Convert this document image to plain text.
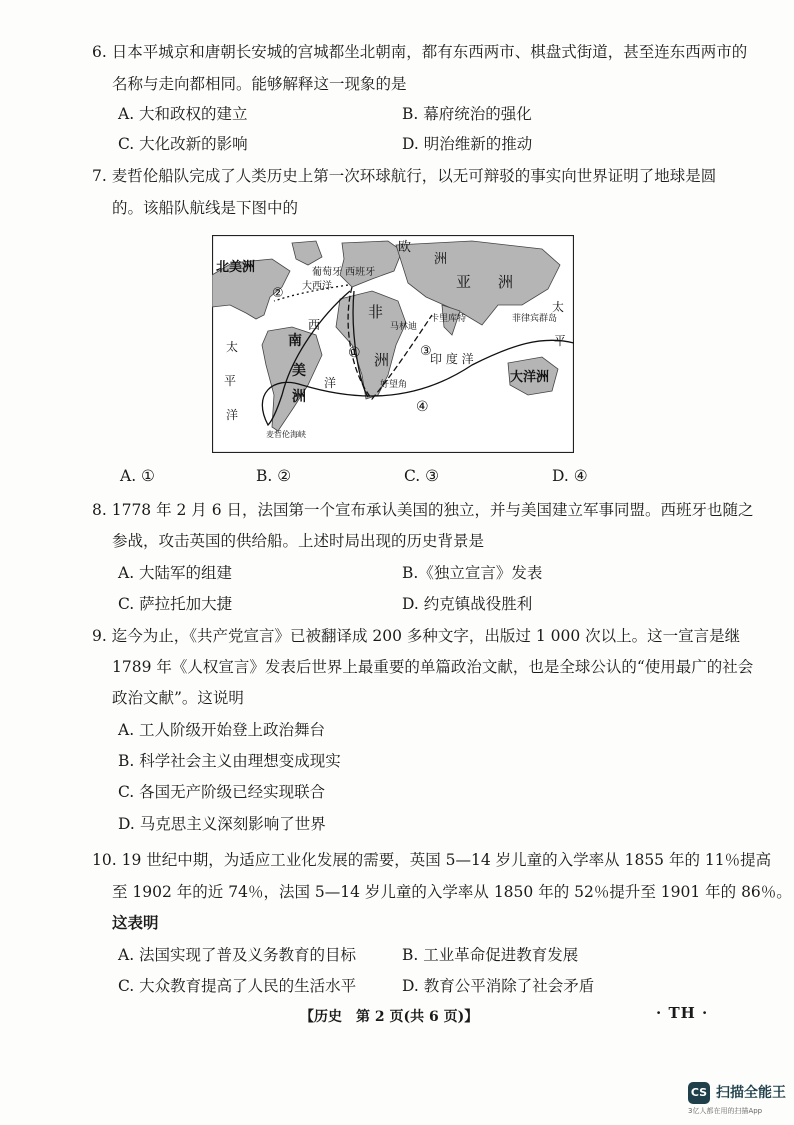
6. 日本平城京和唐朝长安城的宫城都坐北朝南，都有东西两市、棋盘式街道，甚至连东西两市的
名称与走向都相同。能够解释这一现象的是
A. 大和政权的建立	B. 幕府统治的强化
C. 大化改新的影响	D. 明治维新的推动
7. 麦哲伦船队完成了人类历史上第一次环球航行，以无可辩驳的事实向世界证明了地球是圆
的。该船队航线是下图中的
北美洲
欧
洲
亚 洲
非
洲
南
美
洲
大洋洲
葡萄牙 西班牙
大西洋
西
洋
太
平
洋
太
平
印 度 洋
卡里库特	菲律宾群岛
马林迪
好望角
麦哲伦海峡
②
①	③
④
A. ①	B. ②	C. ③	D. ④
8. 1778 年 2 月 6 日，法国第一个宣布承认美国的独立，并与美国建立军事同盟。西班牙也随之
参战，攻击英国的供给船。上述时局出现的历史背景是
A. 大陆军的组建	B.《独立宣言》发表
C. 萨拉托加大捷	D. 约克镇战役胜利
9. 迄今为止，《共产党宣言》已被翻译成 200 多种文字，出版过 1 000 次以上。这一宣言是继
1789 年《人权宣言》发表后世界上最重要的单篇政治文献，也是全球公认的“使用最广的社会
政治文献”。这说明
A. 工人阶级开始登上政治舞台
B. 科学社会主义由理想变成现实
C. 各国无产阶级已经实现联合
D. 马克思主义深刻影响了世界
10. 19 世纪中期，为适应工业化发展的需要，英国 5—14 岁儿童的入学率从 1855 年的 11％提高
至 1902 年的近 74％，法国 5—14 岁儿童的入学率从 1850 年的 52％提升至 1901 年的 86％。
这表明
A. 法国实现了普及义务教育的目标	B. 工业革命促进教育发展
C. 大众教育提高了人民的生活水平	D. 教育公平消除了社会矛盾
【历史　第 2 页(共 6 页)】	· TH ·
CS 扫描全能王
3亿人都在用的扫描App
